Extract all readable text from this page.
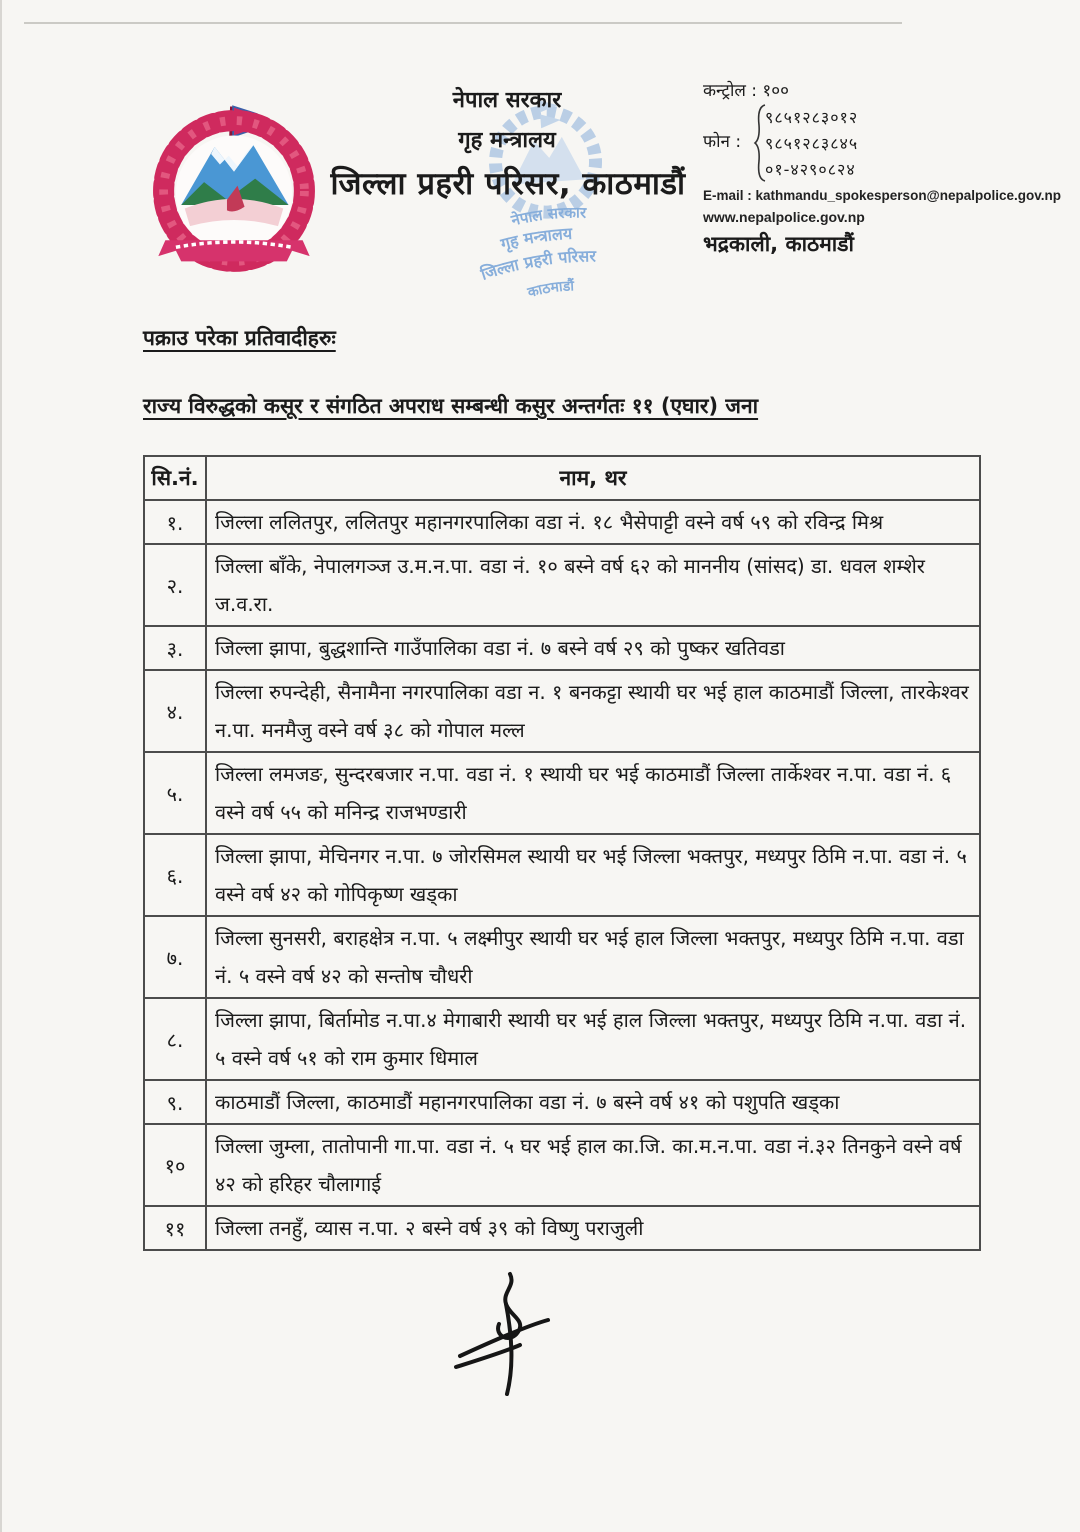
नेपाल सरकार
गृह मन्त्रालय
जिल्ला प्रहरी परिसर
काठमाडौं
नेपाल सरकार
गृह मन्त्रालय
जिल्ला प्रहरी परिसर, काठमाडौं
कन्ट्रोल : १००
फोन :
९८५१२८३०१२
९८५१२८३८४५
०१-४२९०८२४
E-mail : kathmandu_spokesperson@nepalpolice.gov.np
www.nepalpolice.gov.np
भद्रकाली, काठमाडौं
पक्राउ परेका प्रतिवादीहरुः
राज्य विरुद्धको कसूर र संगठित अपराध सम्बन्धी कसुर अन्तर्गतः ११ (एघार) जना
सि.नं.	नाम, थर
१.	जिल्ला ललितपुर, ललितपुर महानगरपालिका वडा नं. १८ भैसेपाट्टी वस्ने वर्ष ५९ को रविन्द्र मिश्र
२.	जिल्ला बाँके, नेपालगञ्ज उ.म.न.पा. वडा नं. १० बस्ने वर्ष ६२ को माननीय (सांसद) डा. धवल शम्शेर ज.व.रा.
३.	जिल्ला झापा, बुद्धशान्ति गाउँपालिका वडा नं. ७ बस्ने वर्ष २९ को पुष्कर खतिवडा
४.	जिल्ला रुपन्देही, सैनामैना नगरपालिका वडा न. १ बनकट्टा स्थायी घर भई हाल काठमाडौं जिल्ला, तारकेश्वर न.पा. मनमैजु वस्ने वर्ष ३८ को गोपाल मल्ल
५.	जिल्ला लमजङ, सुन्दरबजार न.पा. वडा नं. १ स्थायी घर भई काठमाडौं जिल्ला तार्केश्वर न.पा. वडा नं. ६ वस्ने वर्ष ५५ को मनिन्द्र राजभण्डारी
६.	जिल्ला झापा, मेचिनगर न.पा. ७ जोरसिमल स्थायी घर भई जिल्ला भक्तपुर, मध्यपुर ठिमि न.पा. वडा नं. ५ वस्ने वर्ष ४२ को गोपिकृष्ण खड्का
७.	जिल्ला सुनसरी, बराहक्षेत्र न.पा. ५ लक्ष्मीपुर स्थायी घर भई हाल जिल्ला भक्तपुर, मध्यपुर ठिमि न.पा. वडा नं. ५ वस्ने वर्ष ४२ को सन्तोष चौधरी
८.	जिल्ला झापा, बिर्तामोड न.पा.४ मेगाबारी स्थायी घर भई हाल जिल्ला भक्तपुर, मध्यपुर ठिमि न.पा. वडा नं. ५ वस्ने वर्ष ५१ को राम कुमार धिमाल
९.	काठमाडौं जिल्ला, काठमाडौं महानगरपालिका वडा नं. ७ बस्ने वर्ष ४१ को पशुपति खड्का
१०	जिल्ला जुम्ला, तातोपानी गा.पा. वडा नं. ५ घर भई हाल का.जि. का.म.न.पा. वडा नं.३२ तिनकुने वस्ने वर्ष ४२ को हरिहर चौलागाई
११	जिल्ला तनहुँ, व्यास न.पा. २ बस्ने वर्ष ३९ को विष्णु पराजुली
